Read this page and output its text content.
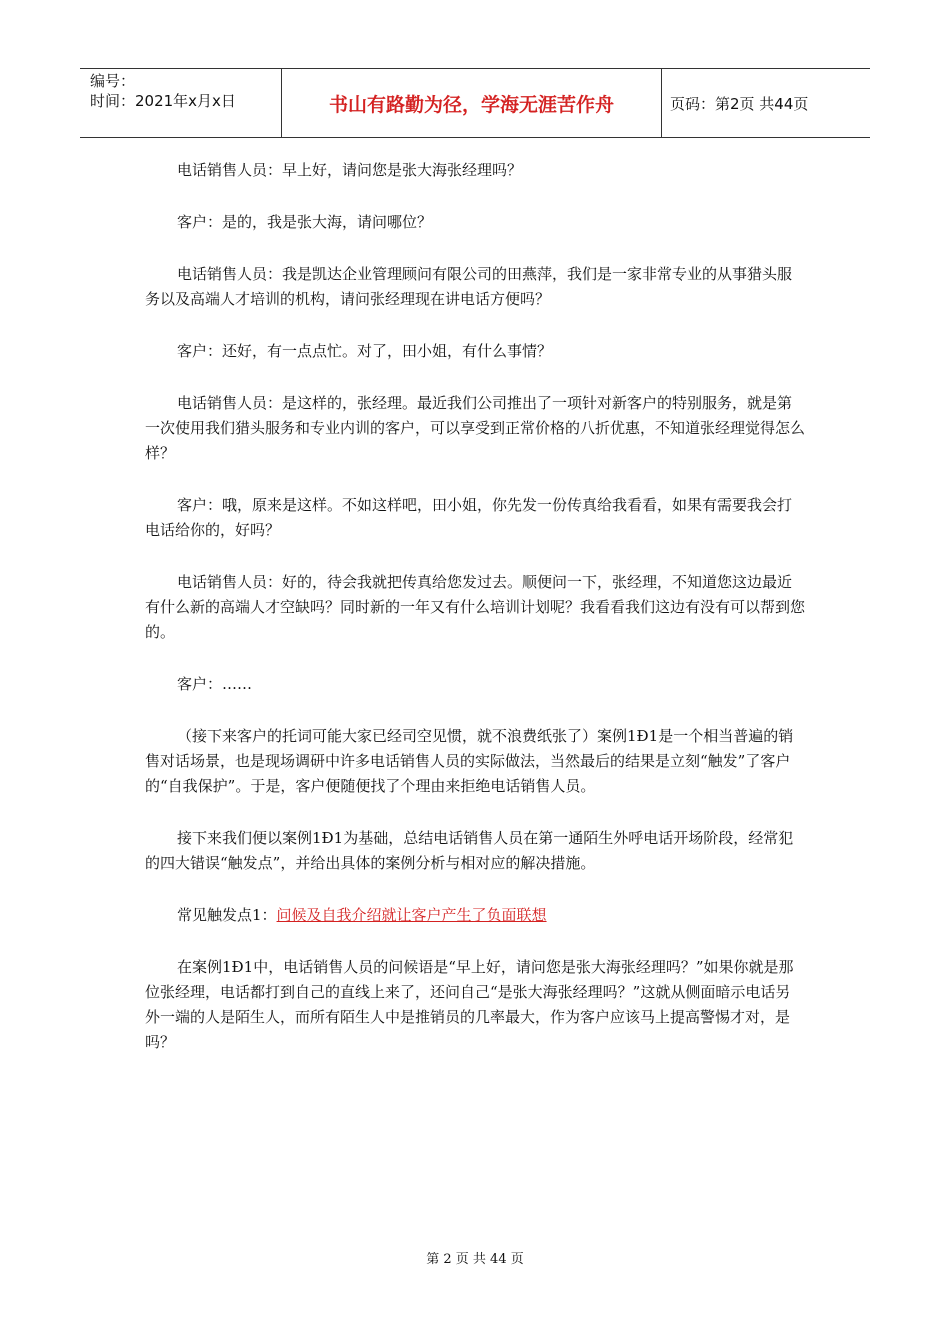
编号：
时间：2021年x月x日	书山有路勤为径，学海无涯苦作舟	页码：第2页 共44页

电话销售人员：早上好，请问您是张大海张经理吗？

客户：是的，我是张大海，请问哪位？

电话销售人员：我是凯达企业管理顾问有限公司的田燕萍，我们是一家非常专业的从事猎头服务以及高端人才培训的机构，请问张经理现在讲电话方便吗？

客户：还好，有一点点忙。对了，田小姐，有什么事情？

电话销售人员：是这样的，张经理。最近我们公司推出了一项针对新客户的特别服务，就是第一次使用我们猎头服务和专业内训的客户，可以享受到正常价格的八折优惠，不知道张经理觉得怎么样？

客户：哦，原来是这样。不如这样吧，田小姐，你先发一份传真给我看看，如果有需要我会打电话给你的，好吗？

电话销售人员：好的，待会我就把传真给您发过去。顺便问一下，张经理，不知道您这边最近有什么新的高端人才空缺吗？同时新的一年又有什么培训计划呢？我看看我们这边有没有可以帮到您的。

客户：……

（接下来客户的托词可能大家已经司空见惯，就不浪费纸张了）案例1Ð1是一个相当普遍的销售对话场景，也是现场调研中许多电话销售人员的实际做法，当然最后的结果是立刻“触发”了客户的“自我保护”。于是，客户便随便找了个理由来拒绝电话销售人员。

接下来我们便以案例1Ð1为基础，总结电话销售人员在第一通陌生外呼电话开场阶段，经常犯的四大错误“触发点”，并给出具体的案例分析与相对应的解决措施。

常见触发点1：问候及自我介绍就让客户产生了负面联想

在案例1Ð1中，电话销售人员的问候语是“早上好，请问您是张大海张经理吗？”如果你就是那位张经理，电话都打到自己的直线上来了，还问自己“是张大海张经理吗？”这就从侧面暗示电话另外一端的人是陌生人，而所有陌生人中是推销员的几率最大，作为客户应该马上提高警惕才对，是吗？

第 2 页 共 44 页
